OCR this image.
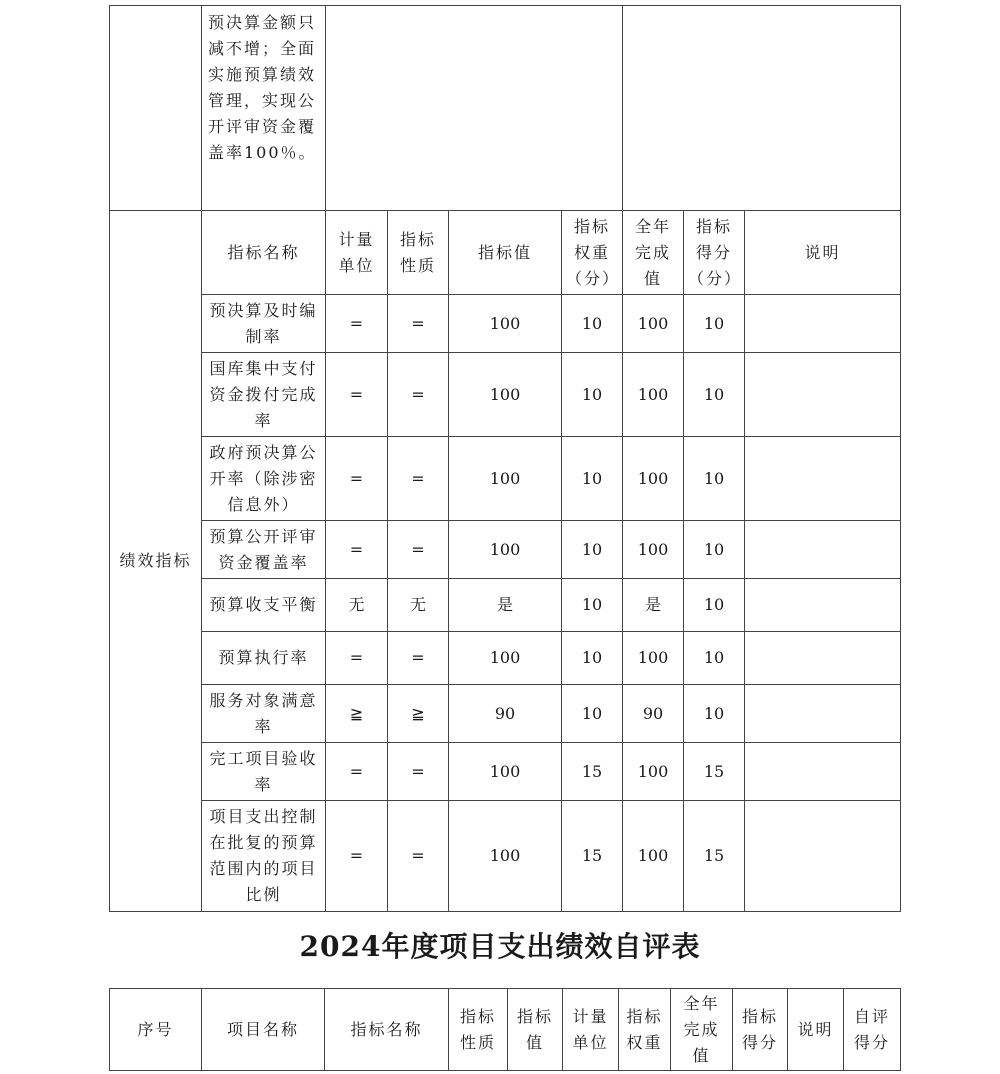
	预决算金额只减不增；全面实施预算绩效管理，实现公开评审资金覆盖率100％。							

绩效指标	指标名称	计量单位	指标性质	指标值	指标权重（分）	全年完成值	指标得分（分）	说明
	预决算及时编制率	=	=	100	10	100	10	
	国库集中支付资金拨付完成率	=	=	100	10	100	10	
	政府预决算公开率（除涉密信息外）	=	=	100	10	100	10	
	预算公开评审资金覆盖率	=	=	100	10	100	10	
	预算收支平衡	无	无	是	10	是	10	
	预算执行率	=	=	100	10	100	10	
	服务对象满意率	≧	≧	90	10	90	10	
	完工项目验收率	=	=	100	15	100	15	
	项目支出控制在批复的预算范围内的项目比例	=	=	100	15	100	15	
2024年度项目支出绩效自评表
序号	项目名称	指标名称	指标性质	指标值	计量单位	指标权重	全年完成值	指标得分	说明	自评得分
